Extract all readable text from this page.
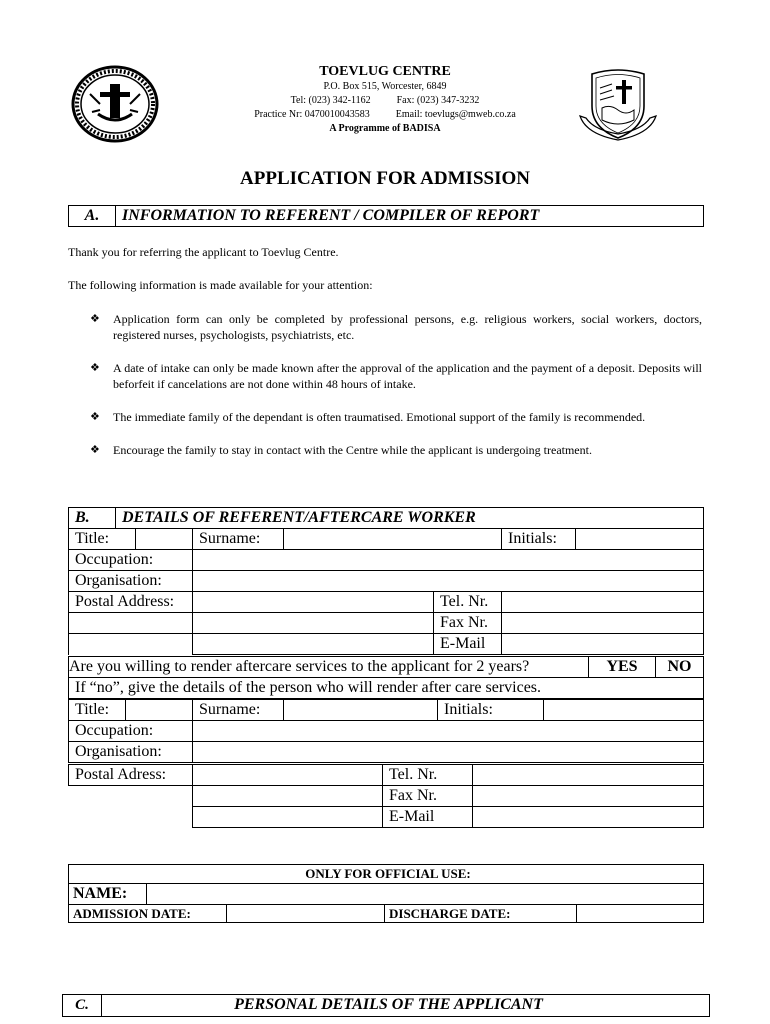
TOEVLUG CENTRE
P.O. Box 515, Worcester, 6849
Tel: (023) 342-1162	Fax: (023) 347-3232
Practice Nr: 0470010043583	Email: toevlugs@mweb.co.za
A Programme of BADISA
APPLICATION FOR ADMISSION
A.	INFORMATION TO REFERENT / COMPILER OF REPORT
Thank you for referring the applicant to Toevlug Centre.
The following information is made available for your attention:
❖ Application form can only be completed by professional persons, e.g. religious workers, social workers, doctors, registered nurses, psychologists, psychiatrists, etc.
❖ A date of intake can only be made known after the approval of the application and the payment of a deposit. Deposits will beforfeit if cancelations are not done within 48 hours of intake.
❖ The immediate family of the dependant is often traumatised. Emotional support of the family is recommended.
❖ Encourage the family to stay in contact with the Centre while the applicant is undergoing treatment.
B.	DETAILS OF REFERENT/AFTERCARE WORKER
Title:		Surname:			Initials:	
Occupation:						
Organisation:						
Postal Address:				Tel. Nr.		
				Fax Nr.		
				E-Mail		
Are you willing to render aftercare services to the applicant for 2 years?	YES	NO
If “no”, give the details of the person who will render after care services.
Title:		Surname:		Initials:	
Occupation:					
Organisation:					
Postal Adress:		Tel. Nr.	
		Fax Nr.	
		E-Mail	
ONLY FOR OFFICIAL USE:				
NAME:				
ADMISSION DATE:			DISCHARGE DATE:	
C.	PERSONAL DETAILS OF THE APPLICANT
